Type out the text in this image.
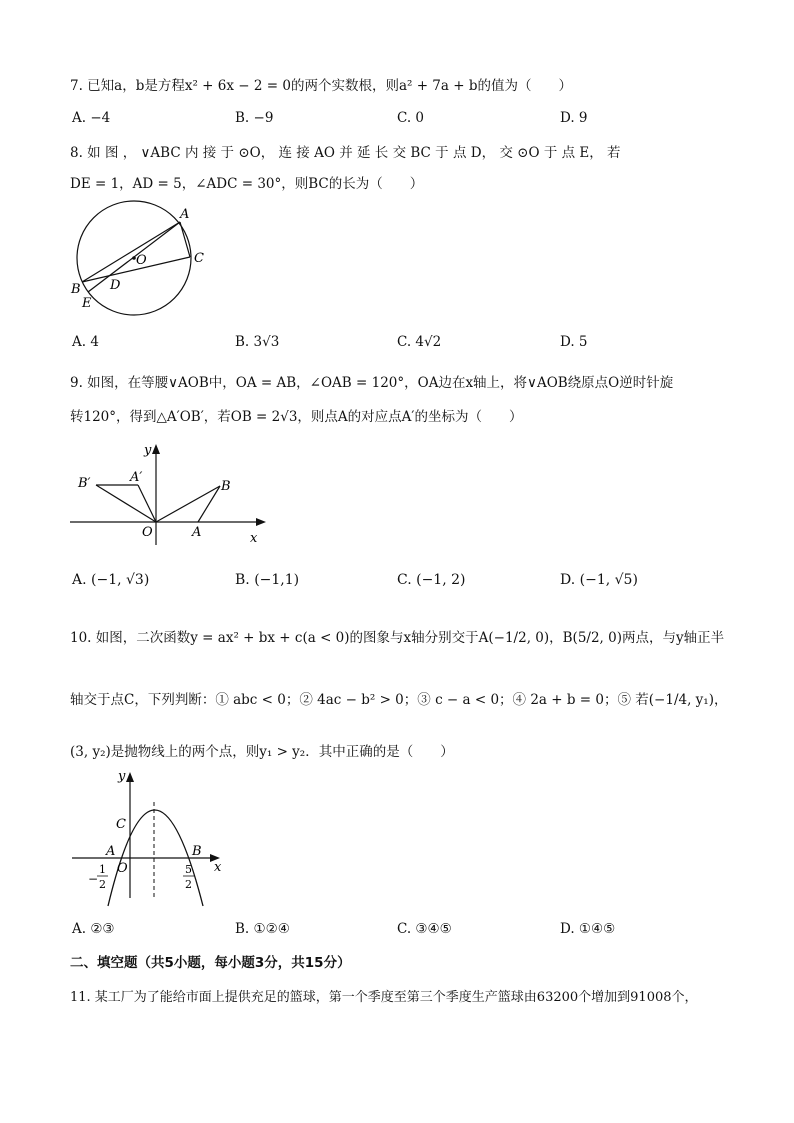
7. 已知a，b是方程x² + 6x − 2 = 0的两个实数根，则a² + 7a + b的值为（　　）
A. −4	B. −9	C. 0	D. 9
8. 如 图 ， ∨ABC 内 接 于 ⊙O， 连 接 AO 并 延 长 交 BC 于 点 D， 交 ⊙O 于 点 E， 若
DE = 1，AD = 5，∠ADC = 30°，则BC的长为（　　）
A
C
O
D
B
E
A. 4	B. 3√3	C. 4√2	D. 5
9. 如图，在等腰∨AOB中，OA = AB，∠OAB = 120°，OA边在x轴上，将∨AOB绕原点O逆时针旋
转120°，得到△A′OB′，若OB = 2√3，则点A的对应点A′的坐标为（　　）
y
B′	A′
B
O	A	x
A. (−1, √3)	B. (−1,1)	C. (−1, 2)	D. (−1, √5)
10. 如图，二次函数y = ax² + bx + c(a < 0)的图象与x轴分别交于A(−1/2, 0)，B(5/2, 0)两点，与y轴正半
轴交于点C，下列判断：① abc < 0；② 4ac − b² > 0；③ c − a < 0；④ 2a + b = 0；⑤ 若(−1/4, y₁)，
(3, y₂)是抛物线上的两个点，则y₁ > y₂．其中正确的是（　　）
y
C
A	B
O	x
−
1
2
5
2
A. ②③	B. ①②④	C. ③④⑤	D. ①④⑤
二、填空题（共5小题，每小题3分，共15分）
11. 某工厂为了能给市面上提供充足的篮球，第一个季度至第三个季度生产篮球由63200个增加到91008个，
